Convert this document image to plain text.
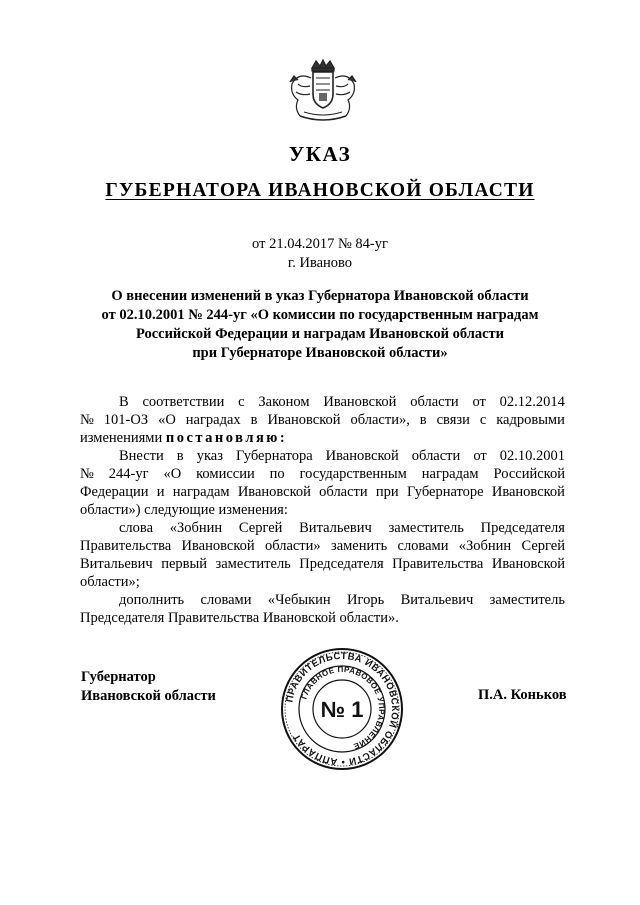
УКАЗ
ГУБЕРНАТОРА ИВАНОВСКОЙ ОБЛАСТИ
от 21.04.2017 № 84-уг
г. Иваново
О внесении изменений в указ Губернатора Ивановской области
от 02.10.2001 № 244-уг «О комиссии по государственным наградам
Российской Федерации и наградам Ивановской области
при Губернаторе Ивановской области»
В соответствии с Законом Ивановской области от 02.12.2014
№ 101-ОЗ «О наградах в Ивановской области», в связи с кадровыми
изменениями постановляю:
Внести в указ Губернатора Ивановской области от 02.10.2001
№ 244-уг «О комиссии по государственным наградам Российской
Федерации и наградам Ивановской области при Губернаторе Ивановской
области») следующие изменения:
слова «Зобнин Сергей Витальевич заместитель Председателя
Правительства Ивановской области» заменить словами «Зобнин Сергей
Витальевич первый заместитель Председателя Правительства Ивановской
области»;
дополнить словами «Чебыкин Игорь Витальевич заместитель
Председателя Правительства Ивановской области».
Губернатор
Ивановской области	П.А. Коньков
ПРАВИТЕЛЬСТВА ИВАНОВСКОЙ ОБЛАСТИ • АППАРАТ
ГЛАВНОЕ ПРАВОВОЕ УПРАВЛЕНИЕ
№ 1
